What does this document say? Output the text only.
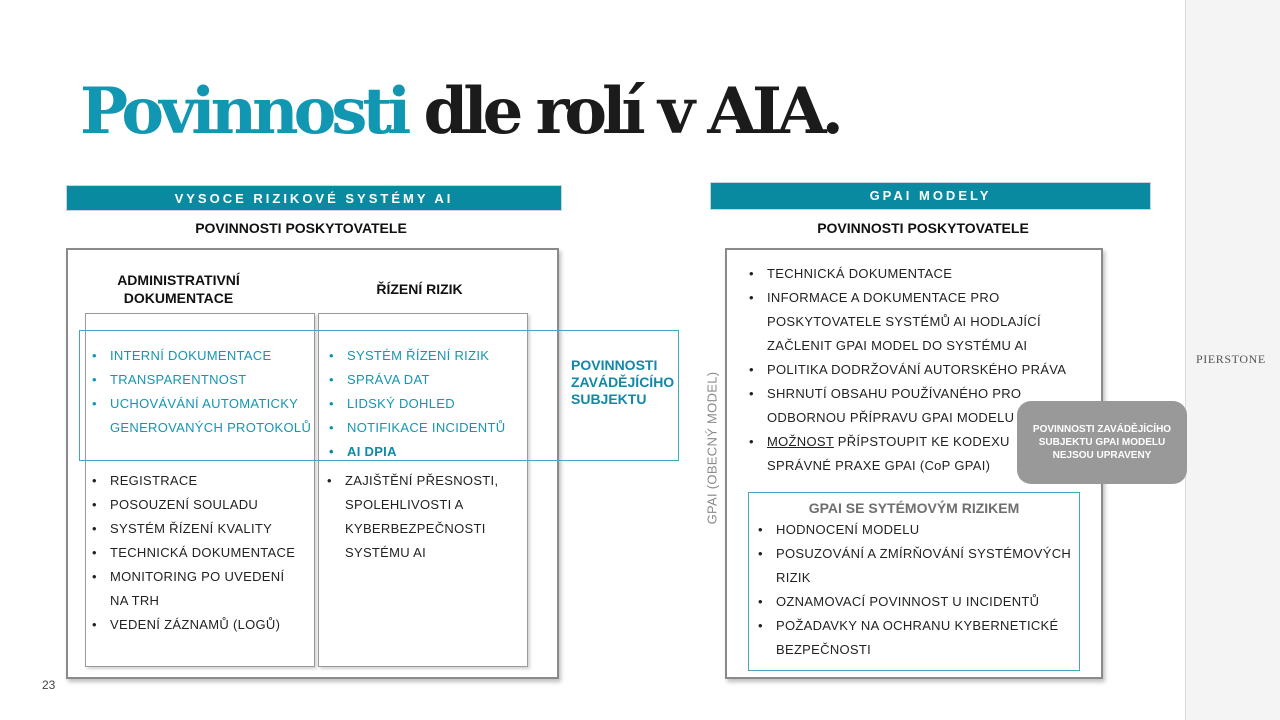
PIERSTONE
Povinnosti dle rolí v AIA.
VYSOCE RIZIKOVÉ SYSTÉMY AI
POVINNOSTI POSKYTOVATELE
ADMINISTRATIVNÍ
DOKUMENTACE
ŘÍZENÍ RIZIK
• INTERNÍ DOKUMENTACE
• TRANSPARENTNOST
• UCHOVÁVÁNÍ AUTOMATICKY
GENEROVANÝCH PROTOKOLŮ
• SYSTÉM ŘÍZENÍ RIZIK
• SPRÁVA DAT
• LIDSKÝ DOHLED
• NOTIFIKACE INCIDENTŮ
• AI DPIA
• REGISTRACE
• POSOUZENÍ SOULADU
• SYSTÉM ŘÍZENÍ KVALITY
• TECHNICKÁ DOKUMENTACE
• MONITORING PO UVEDENÍ
NA TRH
• VEDENÍ ZÁZNAMŮ (LOGŮ)
• ZAJIŠTĚNÍ PŘESNOSTI,
SPOLEHLIVOSTI A
KYBERBEZPEČNOSTI
SYSTÉMU AI
POVINNOSTI
ZAVÁDĚJÍCÍHO
SUBJEKTU
GPAI MODELY
POVINNOSTI POSKYTOVATELE
GPAI (OBECNÝ MODEL)
• TECHNICKÁ DOKUMENTACE
• INFORMACE A DOKUMENTACE PRO
POSKYTOVATELE SYSTÉMŮ AI HODLAJÍCÍ
ZAČLENIT GPAI MODEL DO SYSTÉMU AI
• POLITIKA DODRŽOVÁNÍ AUTORSKÉHO PRÁVA
• SHRNUTÍ OBSAHU POUŽÍVANÉHO PRO
ODBORNOU PŘÍPRAVU GPAI MODELU
• MOŽNOST PŘÍPSTOUPIT KE KODEXU
SPRÁVNÉ PRAXE GPAI (CoP GPAI)
POVINNOSTI ZAVÁDĚJÍCÍHO SUBJEKTU GPAI MODELU NEJSOU UPRAVENY
GPAI SE SYTÉMOVÝM RIZIKEM
• HODNOCENÍ MODELU
• POSUZOVÁNÍ A ZMÍRŇOVÁNÍ SYSTÉMOVÝCH
RIZIK
• OZNAMOVACÍ POVINNOST U INCIDENTŮ
• POŽADAVKY NA OCHRANU KYBERNETICKÉ
BEZPEČNOSTI
23
